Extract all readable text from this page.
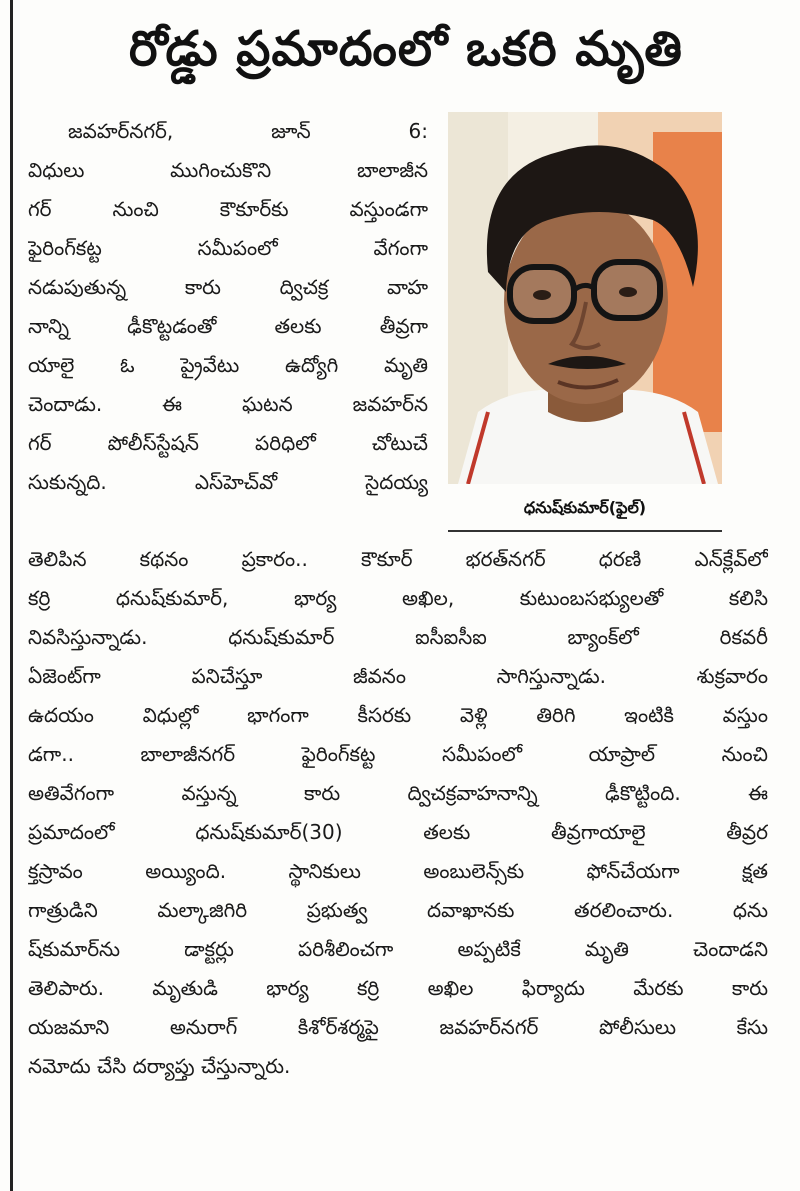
రోడ్డు ప్రమాదంలో ఒకరి మృతి
ధనుష్‌కుమార్‌(ఫైల్‌)
జవహర్‌నగర్‌, జూన్‌ 6:
విధులు ముగించుకొని బాలాజీన
గర్‌ నుంచి కౌకూర్‌కు వస్తుండగా
ఫైరింగ్‌కట్ట సమీపంలో వేగంగా
నడుపుతున్న కారు ద్విచక్ర వాహ
నాన్ని ఢీకొట్టడంతో తలకు తీవ్రగా
యాలై ఓ ప్రైవేటు ఉద్యోగి మృతి
చెందాడు. ఈ ఘటన జవహర్‌న
గర్‌ పోలీస్‌స్టేషన్‌ పరిధిలో చోటుచే
సుకున్నది. ఎస్‌హెచ్‌వో సైదయ్య
తెలిపిన కథనం ప్రకారం.. కౌకూర్‌ భరత్‌నగర్‌ ధరణి ఎన్‌క్లేవ్‌లో
కర్రి ధనుష్‌కుమార్‌, భార్య అఖిల, కుటుంబసభ్యులతో కలిసి
నివసిస్తున్నాడు. ధనుష్‌కుమార్‌ ఐసీఐసీఐ బ్యాంక్‌లో రికవరీ
ఏజెంట్‌గా పనిచేస్తూ జీవనం సాగిస్తున్నాడు. శుక్రవారం
ఉదయం విధుల్లో భాగంగా కీసరకు వెళ్లి తిరిగి ఇంటికి వస్తుం
డగా.. బాలాజీనగర్‌ ఫైరింగ్‌కట్ట సమీపంలో యాప్రాల్‌ నుంచి
అతివేగంగా వస్తున్న కారు ద్విచక్రవాహనాన్ని ఢీకొట్టింది. ఈ
ప్రమాదంలో ధనుష్‌కుమార్‌(30) తలకు తీవ్రగాయాలై తీవ్రర
క్తస్రావం అయ్యింది. స్థానికులు అంబులెన్స్‌కు ఫోన్‌చేయగా క్షత
గాత్రుడిని మల్కాజిగిరి ప్రభుత్వ దవాఖానకు తరలించారు. ధను
ష్‌కుమార్‌ను డాక్టర్లు పరిశీలించగా అప్పటికే మృతి చెందాడని
తెలిపారు. మృతుడి భార్య కర్రి అఖిల ఫిర్యాదు మేరకు కారు
యజమాని అనురాగ్‌ కిశోర్‌శర్మపై జవహర్‌నగర్‌ పోలీసులు కేసు
నమోదు చేసి దర్యాప్తు చేస్తున్నారు.
